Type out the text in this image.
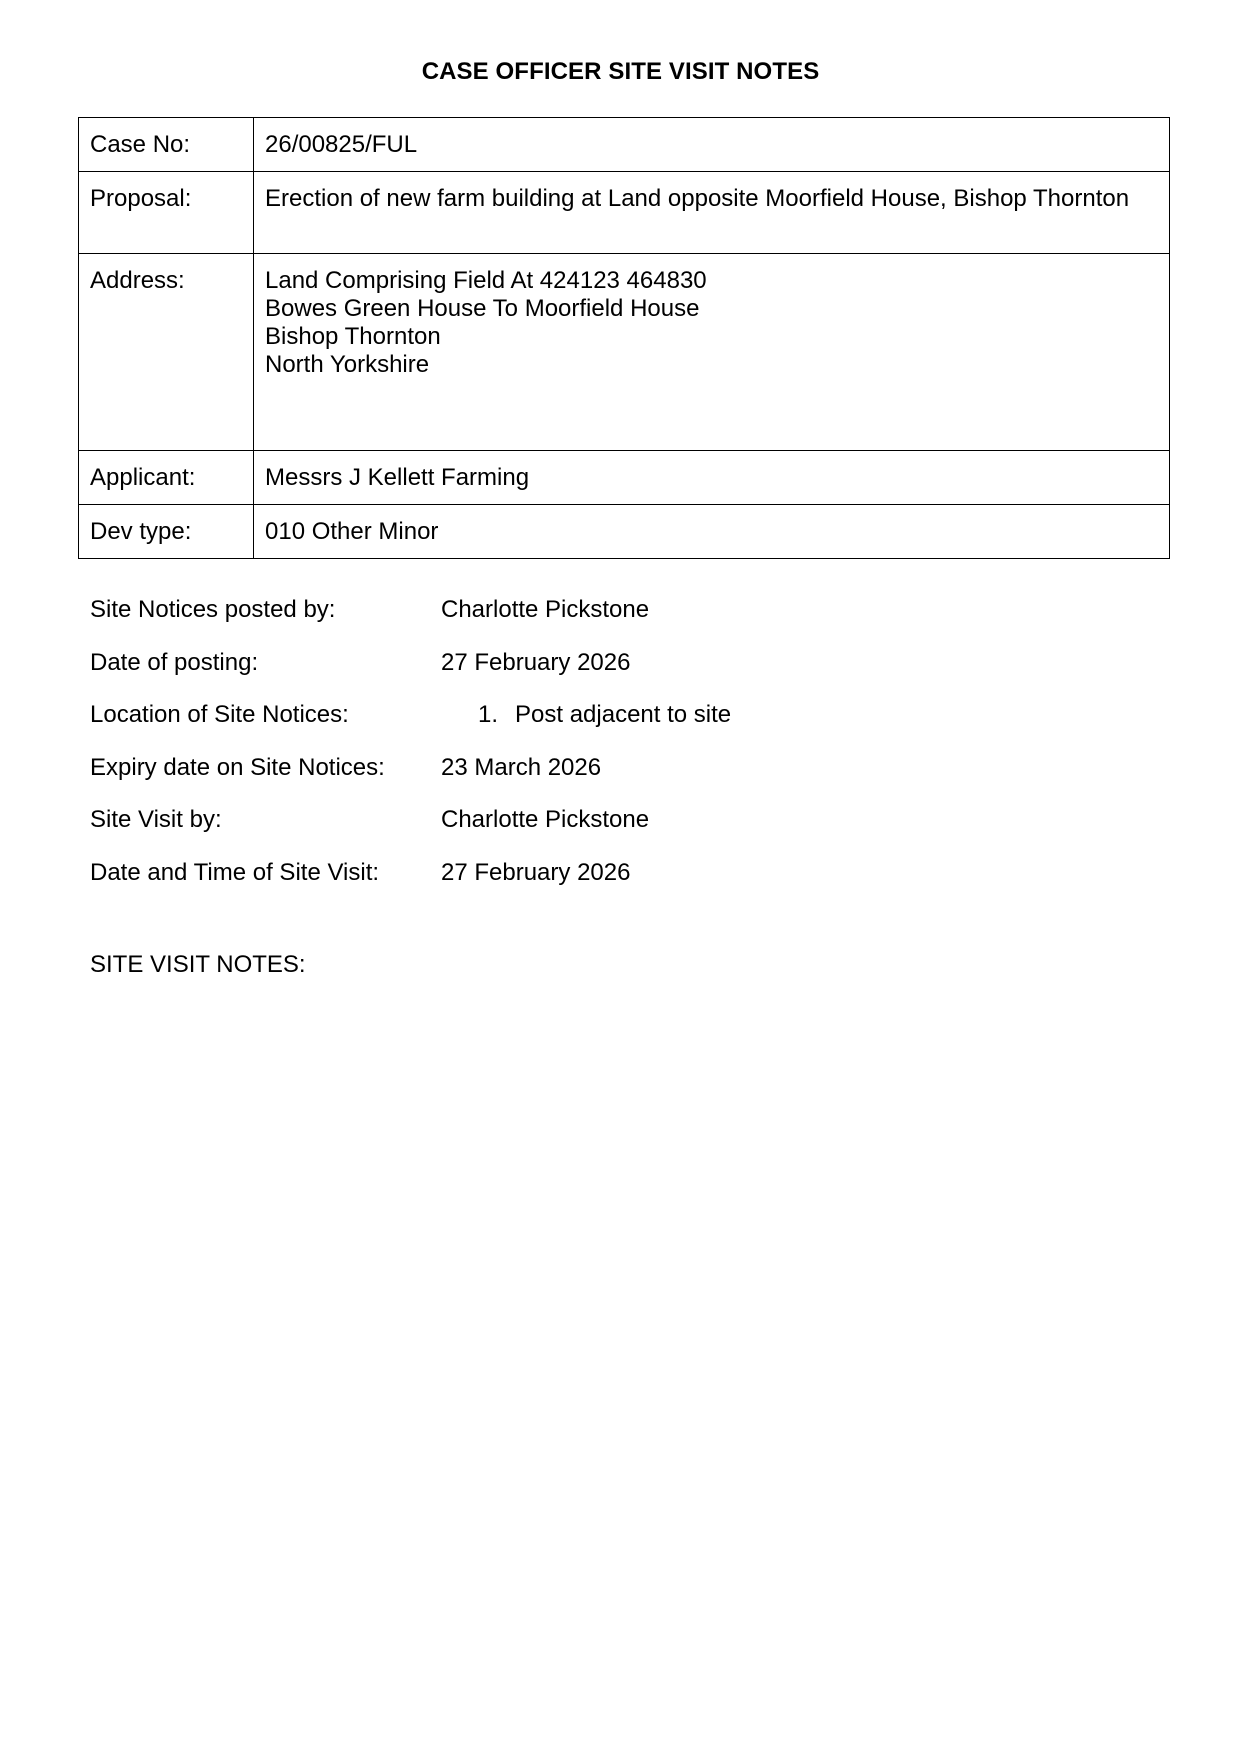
CASE OFFICER SITE VISIT NOTES
Case No:	26/00825/FUL
Proposal:	Erection of new farm building at Land opposite Moorfield House, Bishop Thornton
Address:	Land Comprising Field At 424123 464830
Bowes Green House To Moorfield House
Bishop Thornton
North Yorkshire

Applicant:	Messrs J Kellett Farming
Dev type:	010 Other Minor
Site Notices posted by:	Charlotte Pickstone
Date of posting:	27 February 2026
Location of Site Notices:	1. Post adjacent to site
Expiry date on Site Notices: 23 March 2026
Site Visit by:	Charlotte Pickstone
Date and Time of Site Visit:	27 February 2026
SITE VISIT NOTES:
